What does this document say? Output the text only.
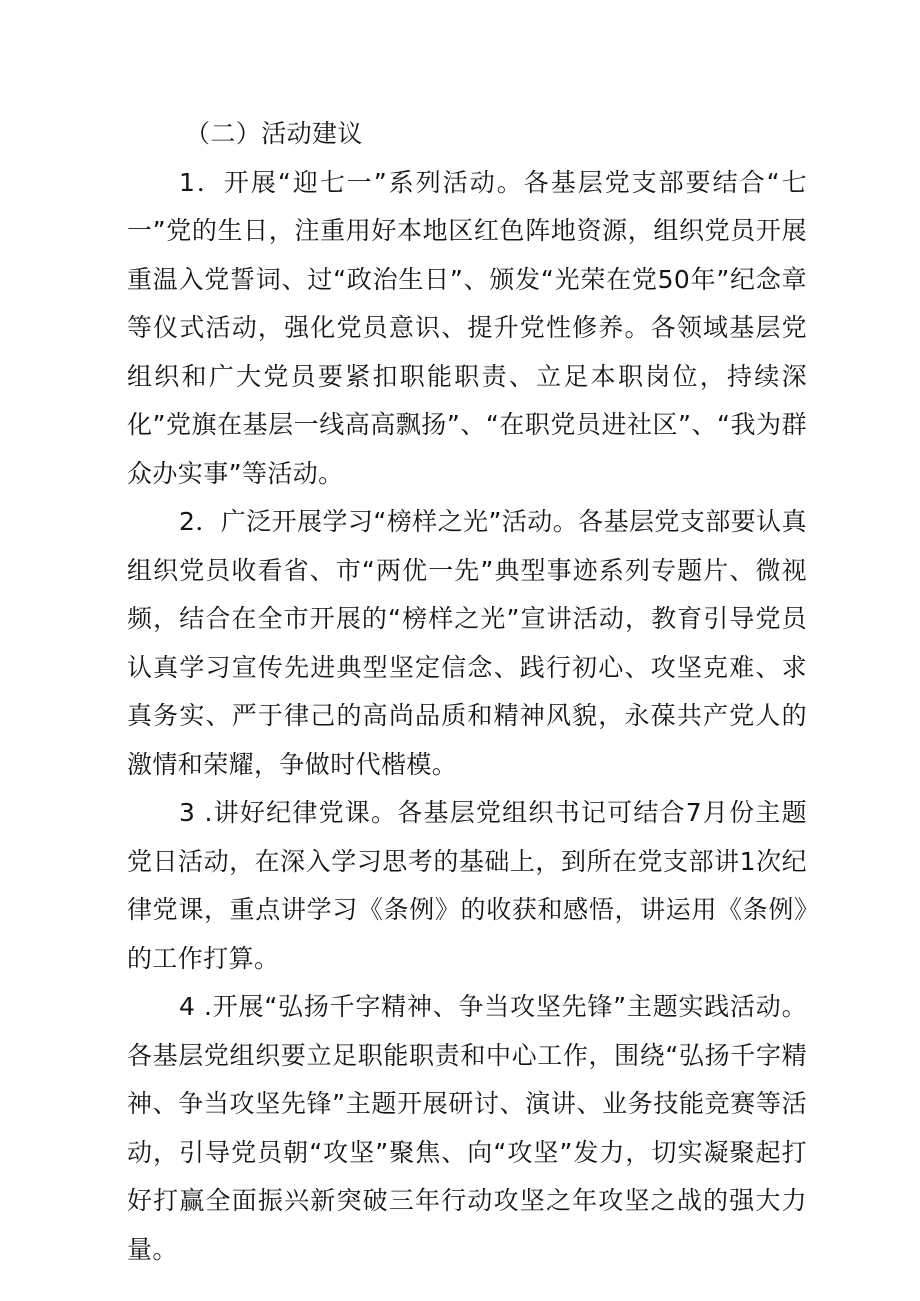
（二）活动建议

1．开展“迎七一”系列活动。各基层党支部要结合“七一”党的生日，注重用好本地区红色阵地资源，组织党员开展重温入党誓词、过“政治生日”、颁发“光荣在党50年”纪念章等仪式活动，强化党员意识、提升党性修养。各领域基层党组织和广大党员要紧扣职能职责、立足本职岗位，持续深化”党旗在基层一线高高飘扬”、“在职党员进社区”、“我为群众办实事”等活动。

2．广泛开展学习“榜样之光”活动。各基层党支部要认真组织党员收看省、市“两优一先”典型事迹系列专题片、微视频，结合在全市开展的“榜样之光”宣讲活动，教育引导党员认真学习宣传先进典型坚定信念、践行初心、攻坚克难、求真务实、严于律己的高尚品质和精神风貌，永葆共产党人的激情和荣耀，争做时代楷模。

3 .讲好纪律党课。各基层党组织书记可结合7月份主题党日活动，在深入学习思考的基础上，到所在党支部讲1次纪律党课，重点讲学习《条例》的收获和感悟，讲运用《条例》的工作打算。

4 .开展“弘扬千字精神、争当攻坚先锋”主题实践活动。各基层党组织要立足职能职责和中心工作，围绕“弘扬千字精神、争当攻坚先锋”主题开展研讨、演讲、业务技能竞赛等活动，引导党员朝“攻坚”聚焦、向“攻坚”发力，切实凝聚起打好打赢全面振兴新突破三年行动攻坚之年攻坚之战的强大力量。
